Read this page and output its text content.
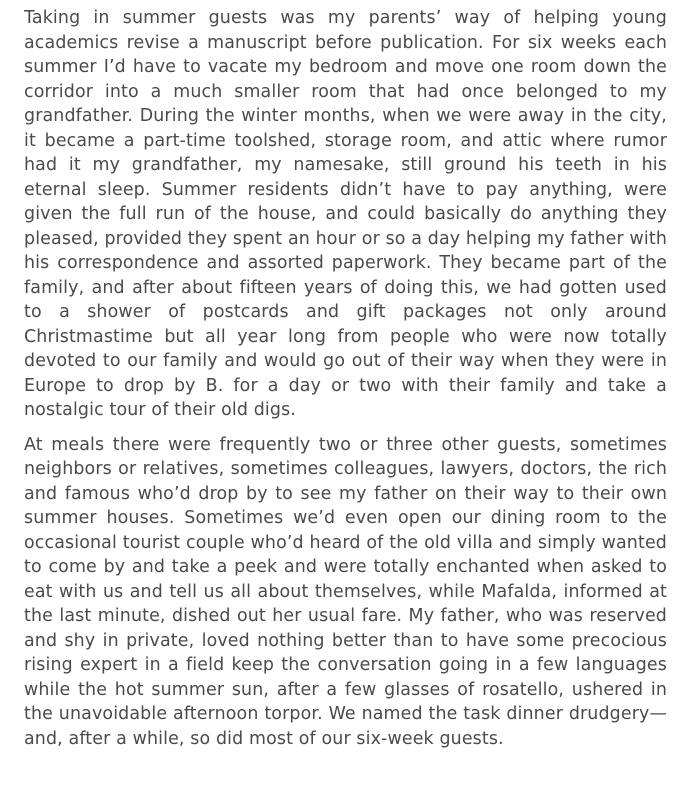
Taking in summer guests was my parents’ way of helping young academics revise a manuscript before publication. For six weeks each summer I’d have to vacate my bedroom and move one room down the corridor into a much smaller room that had once belonged to my grandfather. During the winter months, when we were away in the city, it became a part-time toolshed, storage room, and attic where rumor had it my grandfather, my namesake, still ground his teeth in his eternal sleep. Summer residents didn’t have to pay anything, were given the full run of the house, and could basically do anything they pleased, provided they spent an hour or so a day helping my father with his correspondence and assorted paperwork. They became part of the family, and after about fifteen years of doing this, we had gotten used to a shower of postcards and gift packages not only around Christmastime but all year long from people who were now totally devoted to our family and would go out of their way when they were in Europe to drop by B. for a day or two with their family and take a nostalgic tour of their old digs.

At meals there were frequently two or three other guests, sometimes neighbors or relatives, sometimes colleagues, lawyers, doctors, the rich and famous who’d drop by to see my father on their way to their own summer houses. Sometimes we’d even open our dining room to the occasional tourist couple who’d heard of the old villa and simply wanted to come by and take a peek and were totally enchanted when asked to eat with us and tell us all about themselves, while Mafalda, informed at the last minute, dished out her usual fare. My father, who was reserved and shy in private, loved nothing better than to have some precocious rising expert in a field keep the conversation going in a few languages while the hot summer sun, after a few glasses of rosatello, ushered in the unavoidable afternoon torpor. We named the task dinner drudgery—and, after a while, so did most of our six-week guests.
